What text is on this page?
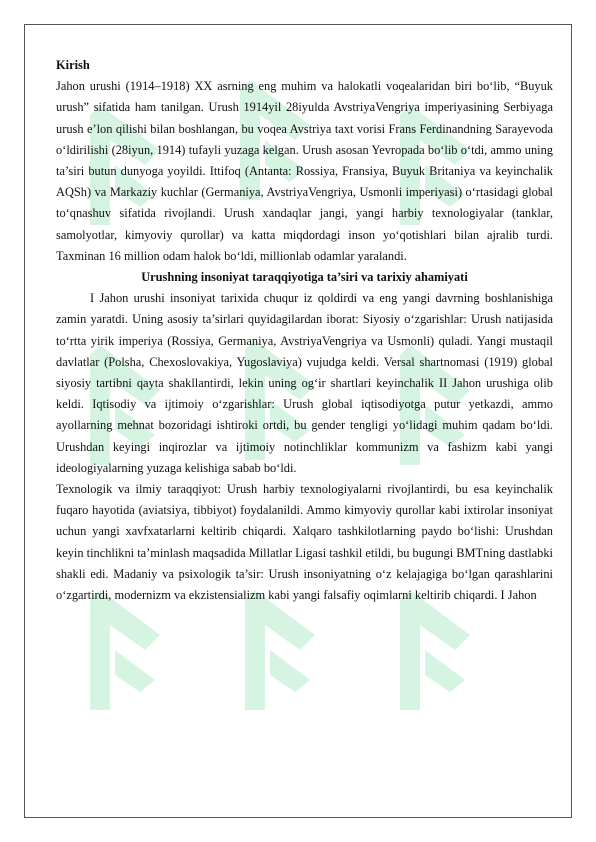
Kirish

Jahon urushi (1914–1918) XX asrning eng muhim va halokatli voqealaridan biri bo‘lib, “Buyuk urush” sifatida ham tanilgan. Urush 1914yil 28iyulda AvstriyaVengriya imperiyasining Serbiyaga urush e’lon qilishi bilan boshlangan, bu voqea Avstriya taxt vorisi Frans Ferdinandning Sarayevoda o‘ldirilishi (28iyun, 1914) tufayli yuzaga kelgan. Urush asosan Yevropada bo‘lib o‘tdi, ammo uning ta’siri butun dunyoga yoyildi. Ittifoq (Antanta: Rossiya, Fransiya, Buyuk Britaniya va keyinchalik AQSh) va Markaziy kuchlar (Germaniya, AvstriyaVengriya, Usmonli imperiyasi) o‘rtasidagi global to‘qnashuv sifatida rivojlandi. Urush xandaqlar jangi, yangi harbiy texnologiyalar (tanklar, samolyotlar, kimyoviy qurollar) va katta miqdordagi inson yo‘qotishlari bilan ajralib turdi. Taxminan 16 million odam halok bo‘ldi, millionlab odamlar yaralandi.

Urushning insoniyat taraqqiyotiga ta’siri va tarixiy ahamiyati

I Jahon urushi insoniyat tarixida chuqur iz qoldirdi va eng yangi davrning boshlanishiga zamin yaratdi. Uning asosiy ta’sirlari quyidagilardan iborat: Siyosiy o‘zgarishlar: Urush natijasida to‘rtta yirik imperiya (Rossiya, Germaniya, AvstriyaVengriya va Usmonli) quladi. Yangi mustaqil davlatlar (Polsha, Chexoslovakiya, Yugoslaviya) vujudga keldi. Versal shartnomasi (1919) global siyosiy tartibni qayta shakllantirdi, lekin uning og‘ir shartlari keyinchalik II Jahon urushiga olib keldi. Iqtisodiy va ijtimoiy o‘zgarishlar: Urush global iqtisodiyotga putur yetkazdi, ammo ayollarning mehnat bozoridagi ishtiroki ortdi, bu gender tengligi yo‘lidagi muhim qadam bo‘ldi. Urushdan keyingi inqirozlar va ijtimoiy notinchliklar kommunizm va fashizm kabi yangi ideologiyalarning yuzaga kelishiga sabab bo‘ldi.

Texnologik va ilmiy taraqqiyot: Urush harbiy texnologiyalarni rivojlantirdi, bu esa keyinchalik fuqaro hayotida (aviatsiya, tibbiyot) foydalanildi. Ammo kimyoviy qurollar kabi ixtirolar insoniyat uchun yangi xavfxatarlarni keltirib chiqardi. Xalqaro tashkilotlarning paydo bo‘lishi: Urushdan keyin tinchlikni ta’minlash maqsadida Millatlar Ligasi tashkil etildi, bu bugungi BMTning dastlabki shakli edi. Madaniy va psixologik ta’sir: Urush insoniyatning o‘z kelajagiga bo‘lgan qarashlarini o‘zgartirdi, modernizm va ekzistensializm kabi yangi falsafiy oqimlarni keltirib chiqardi. I Jahon
